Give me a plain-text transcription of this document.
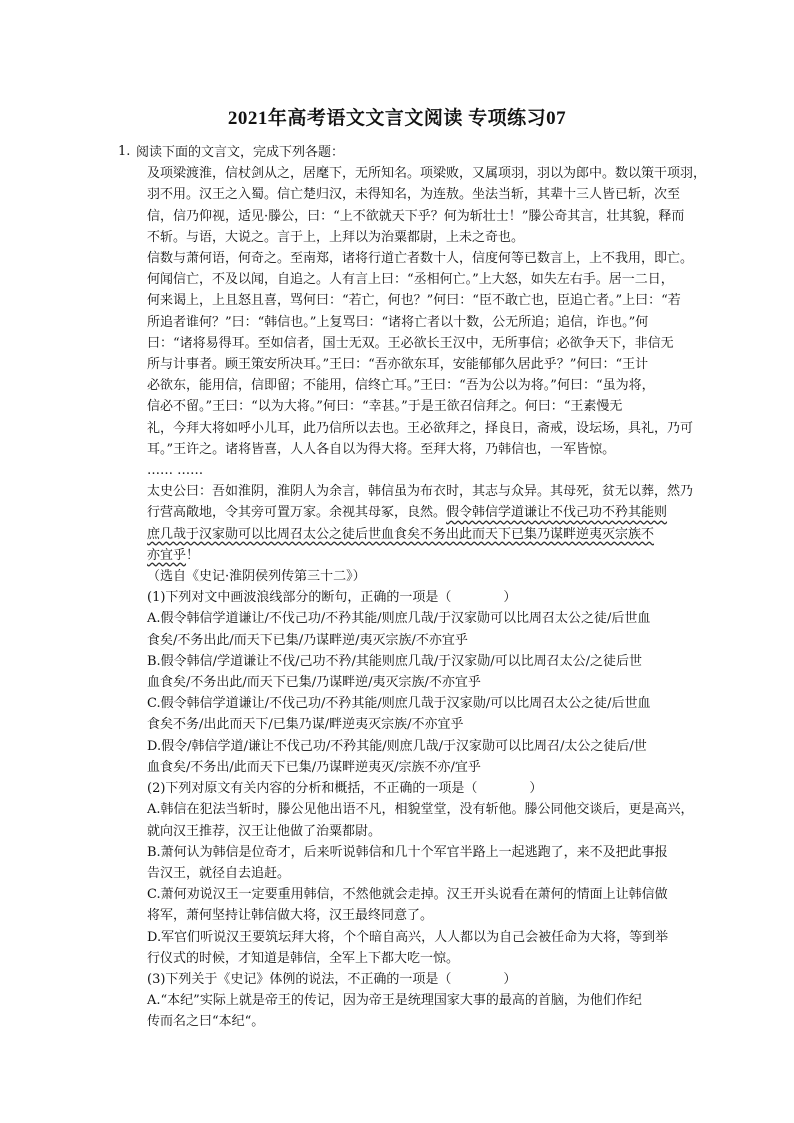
2021年高考语文文言文阅读 专项练习07
1. 阅读下面的文言文，完成下列各题：

及项梁渡淮，信杖剑从之，居麾下，无所知名。项梁败，又属项羽，羽以为郎中。数以策干项羽，

羽不用。汉王之入蜀。信亡楚归汉，未得知名，为连敖。坐法当斩，其辈十三人皆已斩，次至

信，信乃仰视，适见·滕公，曰：“上不欲就天下乎？何为斩壮士！”滕公奇其言，壮其貌，释而

不斩。与语，大说之。言于上，上拜以为治粟都尉，上未之奇也。

信数与萧何语，何奇之。至南郑，诸将行道亡者数十人，信度何等已数言上，上不我用，即亡。

何闻信亡，不及以闻，自追之。人有言上曰：“丞相何亡。”上大怒，如失左右手。居一二日，

何来谒上，上且怒且喜，骂何曰：“若亡，何也？”何曰：“臣不敢亡也，臣追亡者。”上曰：“若

所追者谁何？”曰：“韩信也。”上复骂曰：“诸将亡者以十数，公无所追；追信，诈也。”何

曰：“诸将易得耳。至如信者，国士无双。王必欲长王汉中，无所事信；必欲争天下，非信无

所与计事者。顾王策安所决耳。”王曰：“吾亦欲东耳，安能郁郁久居此乎？”何曰：“王计

必欲东，能用信，信即留；不能用，信终亡耳。”王曰：“吾为公以为将。”何曰：“虽为将，

信必不留。”王曰：“以为大将。”何曰：“幸甚。”于是王欲召信拜之。何曰：“王素慢无

礼，今拜大将如呼小儿耳，此乃信所以去也。王必欲拜之，择良日，斋戒，设坛场，具礼，乃可

耳。”王许之。诸将皆喜，人人各自以为得大将。至拜大将，乃韩信也，一军皆惊。

…… ……

太史公曰：吾如淮阴，淮阴人为余言，韩信虽为布衣时，其志与众异。其母死，贫无以葬，然乃

行营高敞地，令其旁可置万家。余视其母冢，良然。假令韩信学道谦让不伐己功不矜其能则

庶几哉于汉家勋可以比周召太公之徒后世血食矣不务出此而天下已集乃谋畔逆夷灭宗族不

亦宜乎！

（选自《史记·淮阴侯列传第三十二》）

(1)下列对文中画波浪线部分的断句，正确的一项是（　　　　）

A.假令韩信学道谦让/不伐己功/不矜其能/则庶几哉/于汉家勋可以比周召太公之徒/后世血

食矣/不务出此/而天下已集/乃谋畔逆/夷灭宗族/不亦宜乎

B.假令韩信/学道谦让不伐/己功不矜/其能则庶几哉/于汉家勋/可以比周召太公/之徒后世

血食矣/不务出此/而天下已集/乃谋畔逆/夷灭宗族/不亦宜乎

C.假令韩信学道谦让/不伐己功/不矜其能/则庶几哉于汉家勋/可以比周召太公之徒/后世血

食矣不务/出此而天下/已集乃谋/畔逆夷灭宗族/不亦宜乎

D.假令/韩信学道/谦让不伐己功/不矜其能/则庶几哉/于汉家勋可以比周召/太公之徒后/世

血食矣/不务出/此而天下已集/乃谋畔逆夷灭/宗族不亦/宜乎

(2)下列对原文有关内容的分析和概括，不正确的一项是（　　　　）

A.韩信在犯法当斩时，滕公见他出语不凡，相貌堂堂，没有斩他。滕公同他交谈后，更是高兴，

就向汉王推荐，汉王让他做了治粟都尉。

B.萧何认为韩信是位奇才，后来听说韩信和几十个军官半路上一起逃跑了，来不及把此事报

告汉王，就径自去追赶。

C.萧何劝说汉王一定要重用韩信，不然他就会走掉。汉王开头说看在萧何的情面上让韩信做

将军，萧何坚持让韩信做大将，汉王最终同意了。

D.军官们听说汉王要筑坛拜大将，个个暗自高兴，人人都以为自己会被任命为大将，等到举

行仪式的时候，才知道是韩信，全军上下都大吃一惊。

(3)下列关于《史记》体例的说法，不正确的一项是（　　　　）

A.“本纪”实际上就是帝王的传记，因为帝王是统理国家大事的最高的首脑，为他们作纪

传而名之曰“本纪“。
